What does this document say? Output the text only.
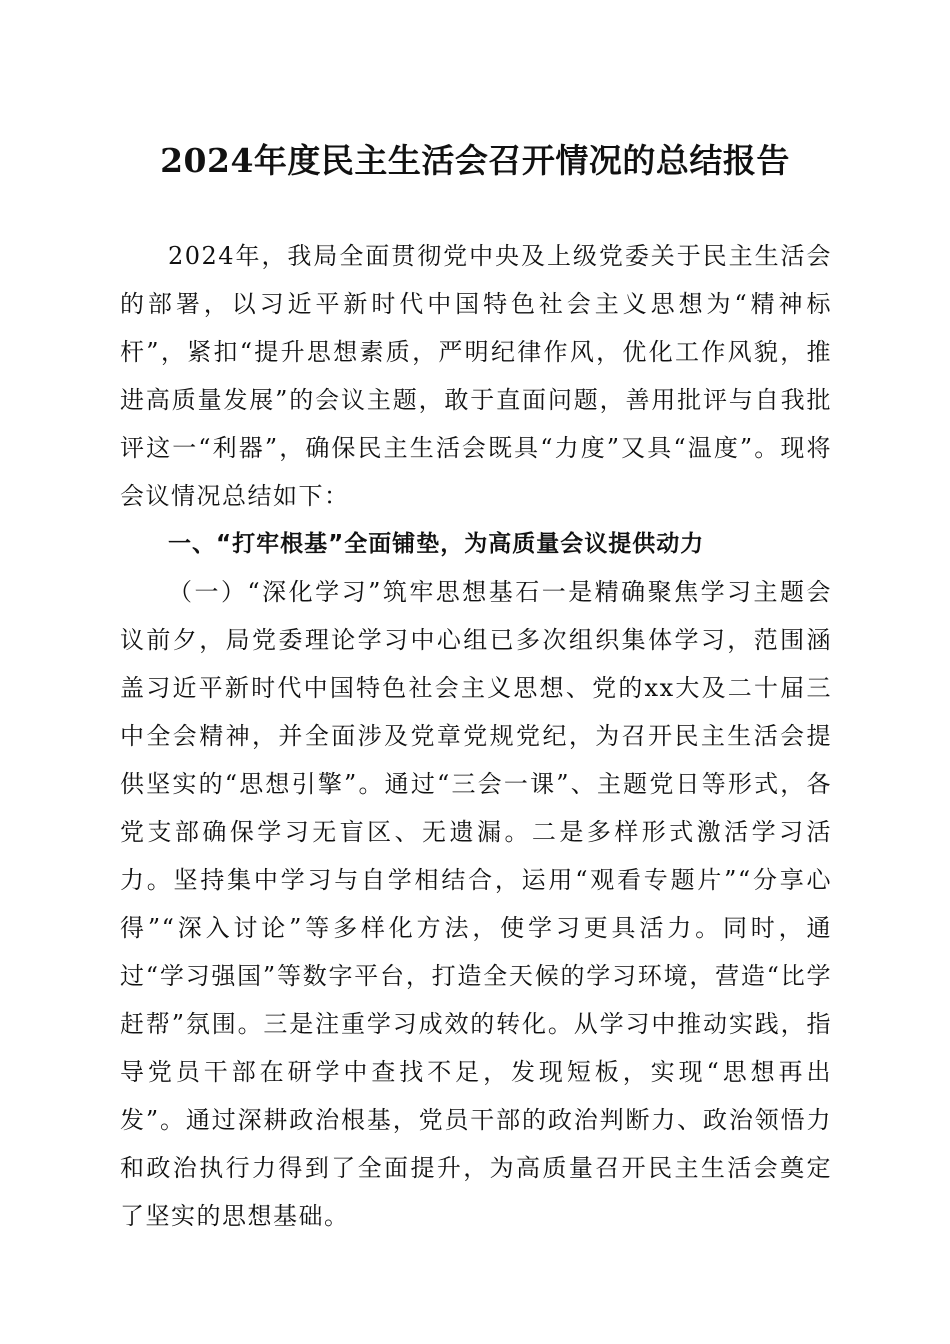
2024年度民主生活会召开情况的总结报告

2024年，我局全面贯彻党中央及上级党委关于民主生活会的部署，以习近平新时代中国特色社会主义思想为“精神标杆”，紧扣“提升思想素质，严明纪律作风，优化工作风貌，推进高质量发展”的会议主题，敢于直面问题，善用批评与自我批评这一“利器”，确保民主生活会既具“力度”又具“温度”。现将会议情况总结如下：

一、“打牢根基”全面铺垫，为高质量会议提供动力

（一）“深化学习”筑牢思想基石一是精确聚焦学习主题会议前夕，局党委理论学习中心组已多次组织集体学习，范围涵盖习近平新时代中国特色社会主义思想、党的xx大及二十届三中全会精神，并全面涉及党章党规党纪，为召开民主生活会提供坚实的“思想引擎”。通过“三会一课”、主题党日等形式，各党支部确保学习无盲区、无遗漏。二是多样形式激活学习活力。坚持集中学习与自学相结合，运用“观看专题片”“分享心得”“深入讨论”等多样化方法，使学习更具活力。同时，通过“学习强国”等数字平台，打造全天候的学习环境，营造“比学赶帮”氛围。三是注重学习成效的转化。从学习中推动实践，指导党员干部在研学中查找不足，发现短板，实现“思想再出发”。通过深耕政治根基，党员干部的政治判断力、政治领悟力和政治执行力得到了全面提升，为高质量召开民主生活会奠定了坚实的思想基础。
